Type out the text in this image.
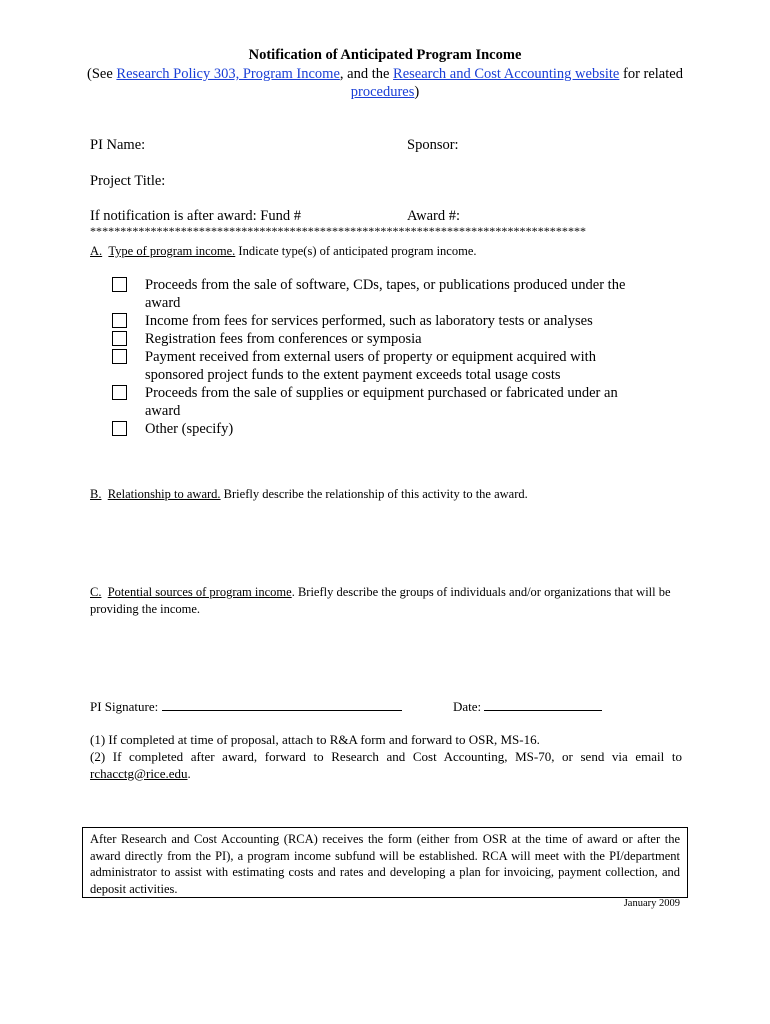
Notification of Anticipated Program Income
(See Research Policy 303, Program Income, and the Research and Cost Accounting website for related procedures)
PI Name:	Sponsor:
Project Title:
If notification is after award: Fund #	Award #:
**********************************************************************************
A. Type of program income. Indicate type(s) of anticipated program income.
Proceeds from the sale of software, CDs, tapes, or publications produced under the award
Income from fees for services performed, such as laboratory tests or analyses
Registration fees from conferences or symposia
Payment received from external users of property or equipment acquired with sponsored project funds to the extent payment exceeds total usage costs
Proceeds from the sale of supplies or equipment purchased or fabricated under an award
Other (specify)
B. Relationship to award. Briefly describe the relationship of this activity to the award.
C. Potential sources of program income. Briefly describe the groups of individuals and/or organizations that will be providing the income.
PI Signature:	Date:
(1) If completed at time of proposal, attach to R&A form and forward to OSR, MS-16.
(2) If completed after award, forward to Research and Cost Accounting, MS-70, or send via email to rchacctg@rice.edu.
After Research and Cost Accounting (RCA) receives the form (either from OSR at the time of award or after the award directly from the PI), a program income subfund will be established. RCA will meet with the PI/department administrator to assist with estimating costs and rates and developing a plan for invoicing, payment collection, and deposit activities.
January 2009
